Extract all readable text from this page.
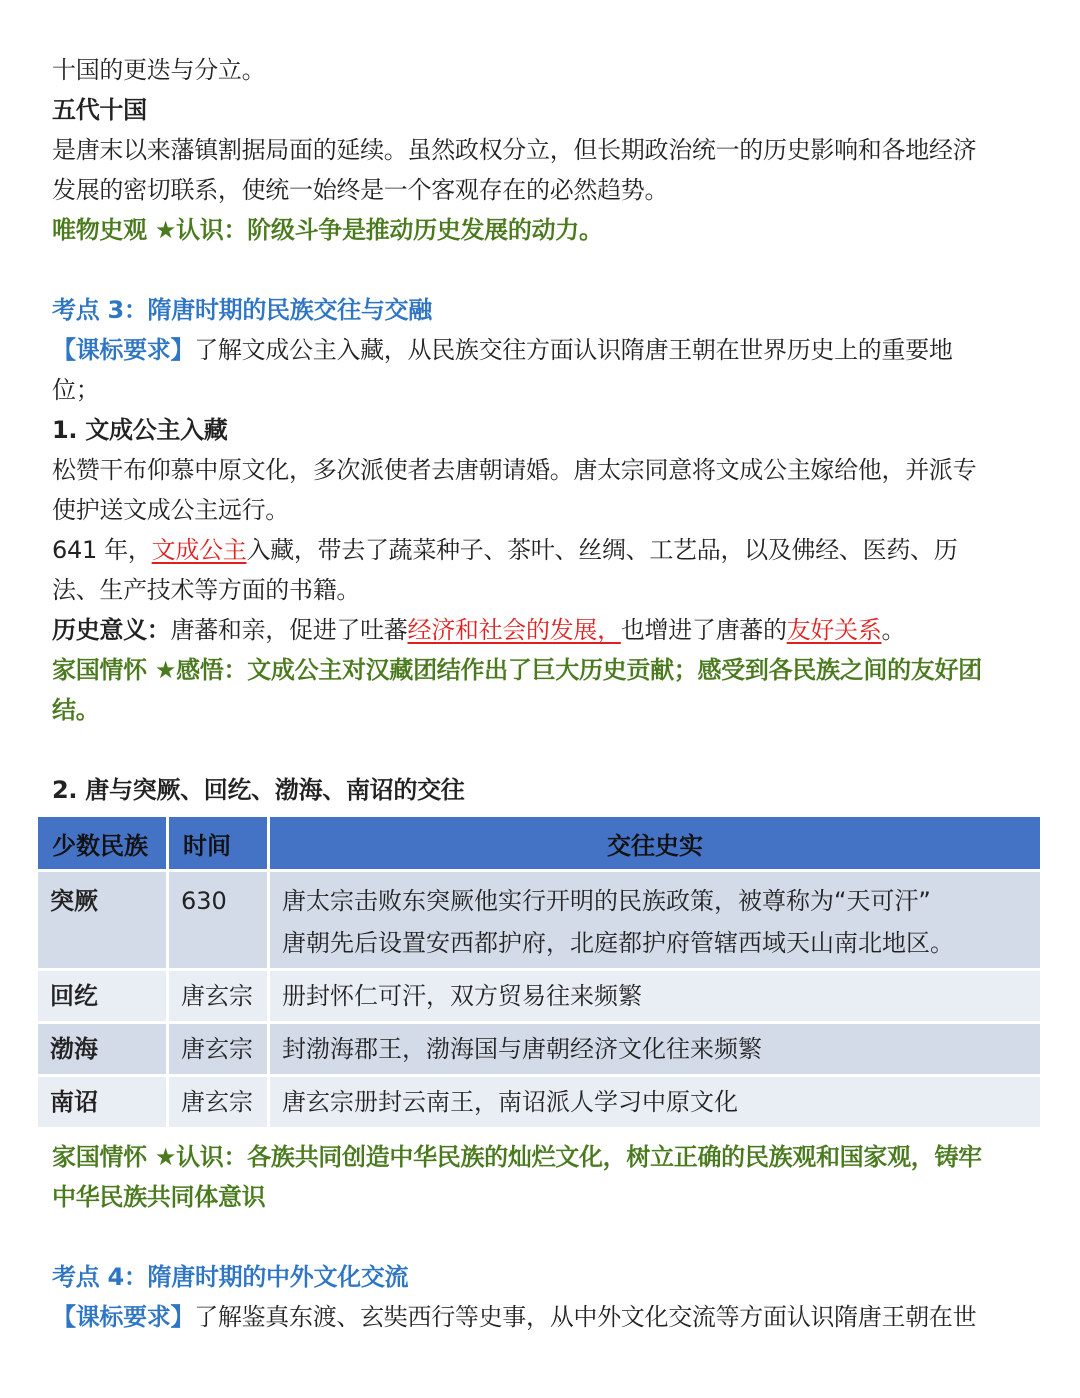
十国的更迭与分立。
五代十国
是唐末以来藩镇割据局面的延续。虽然政权分立，但长期政治统一的历史影响和各地经济
发展的密切联系，使统一始终是一个客观存在的必然趋势。
唯物史观 ★认识：阶级斗争是推动历史发展的动力。
考点 3：隋唐时期的民族交往与交融
【课标要求】了解文成公主入藏，从民族交往方面认识隋唐王朝在世界历史上的重要地
位；
1. 文成公主入藏
松赞干布仰慕中原文化，多次派使者去唐朝请婚。唐太宗同意将文成公主嫁给他，并派专
使护送文成公主远行。
641 年，文成公主入藏，带去了蔬菜种子、茶叶、丝绸、工艺品，以及佛经、医药、历
法、生产技术等方面的书籍。
历史意义：唐蕃和亲，促进了吐蕃经济和社会的发展，也增进了唐蕃的友好关系。
家国情怀 ★感悟：文成公主对汉藏团结作出了巨大历史贡献；感受到各民族之间的友好团
结。
2. 唐与突厥、回纥、渤海、南诏的交往
少数民族	时间	交往史实
突厥	630	唐太宗击败东突厥他实行开明的民族政策，被尊称为“天可汗”
唐朝先后设置安西都护府，北庭都护府管辖西域天山南北地区。

回纥	唐玄宗	册封怀仁可汗，双方贸易往来频繁
渤海	唐玄宗	封渤海郡王，渤海国与唐朝经济文化往来频繁
南诏	唐玄宗	唐玄宗册封云南王，南诏派人学习中原文化
家国情怀 ★认识：各族共同创造中华民族的灿烂文化，树立正确的民族观和国家观，铸牢
中华民族共同体意识
考点 4：隋唐时期的中外文化交流
【课标要求】了解鉴真东渡、玄奘西行等史事，从中外文化交流等方面认识隋唐王朝在世
